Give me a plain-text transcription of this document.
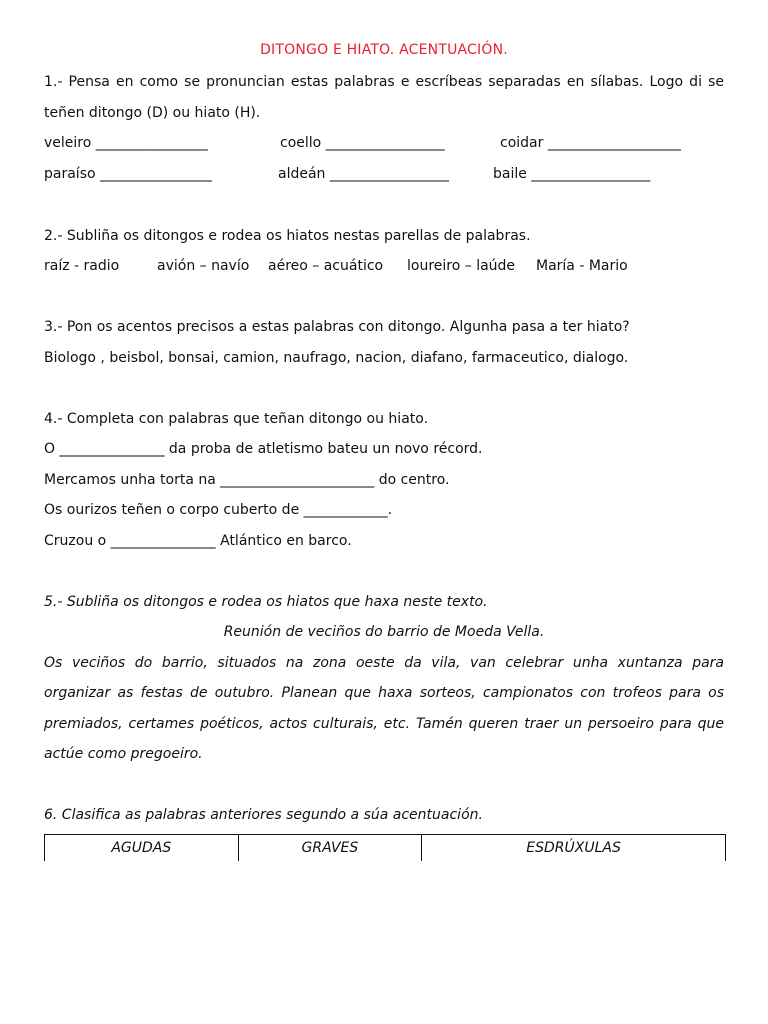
DITONGO E HIATO. ACENTUACIÓN.
1.- Pensa en como se pronuncian estas palabras e escríbeas separadas en sílabas. Logo di se
teñen ditongo (D) ou hiato (H).
veleiro ________________	coello _________________	coidar ___________________
paraíso ________________	aldeán _________________	baile _________________
2.- Subliña os ditongos e rodea os hiatos nestas parellas de palabras.
raíz - radio	avión – navío aéreo – acuático loureiro – laúde María - Mario
3.- Pon os acentos precisos a estas palabras con ditongo. Algunha pasa a ter hiato?
Biologo , beisbol, bonsai, camion, naufrago, nacion, diafano, farmaceutico, dialogo.
4.- Completa con palabras que teñan ditongo ou hiato.
O _______________ da proba de atletismo bateu un novo récord.
Mercamos unha torta na ______________________ do centro.
Os ourizos teñen o corpo cuberto de ____________.
Cruzou o _______________ Atlántico en barco.
5.- Subliña os ditongos e rodea os hiatos que haxa neste texto.
Reunión de veciños do barrio de Moeda Vella.
Os veciños do barrio, situados na zona oeste da vila, van celebrar unha xuntanza para
organizar as festas de outubro. Planean que haxa sorteos, campionatos con trofeos para os
premiados, certames poéticos, actos culturais, etc. Tamén queren traer un persoeiro para que
actúe como pregoeiro.
6. Clasifica as palabras anteriores segundo a súa acentuación.
AGUDAS	GRAVES	ESDRÚXULAS
